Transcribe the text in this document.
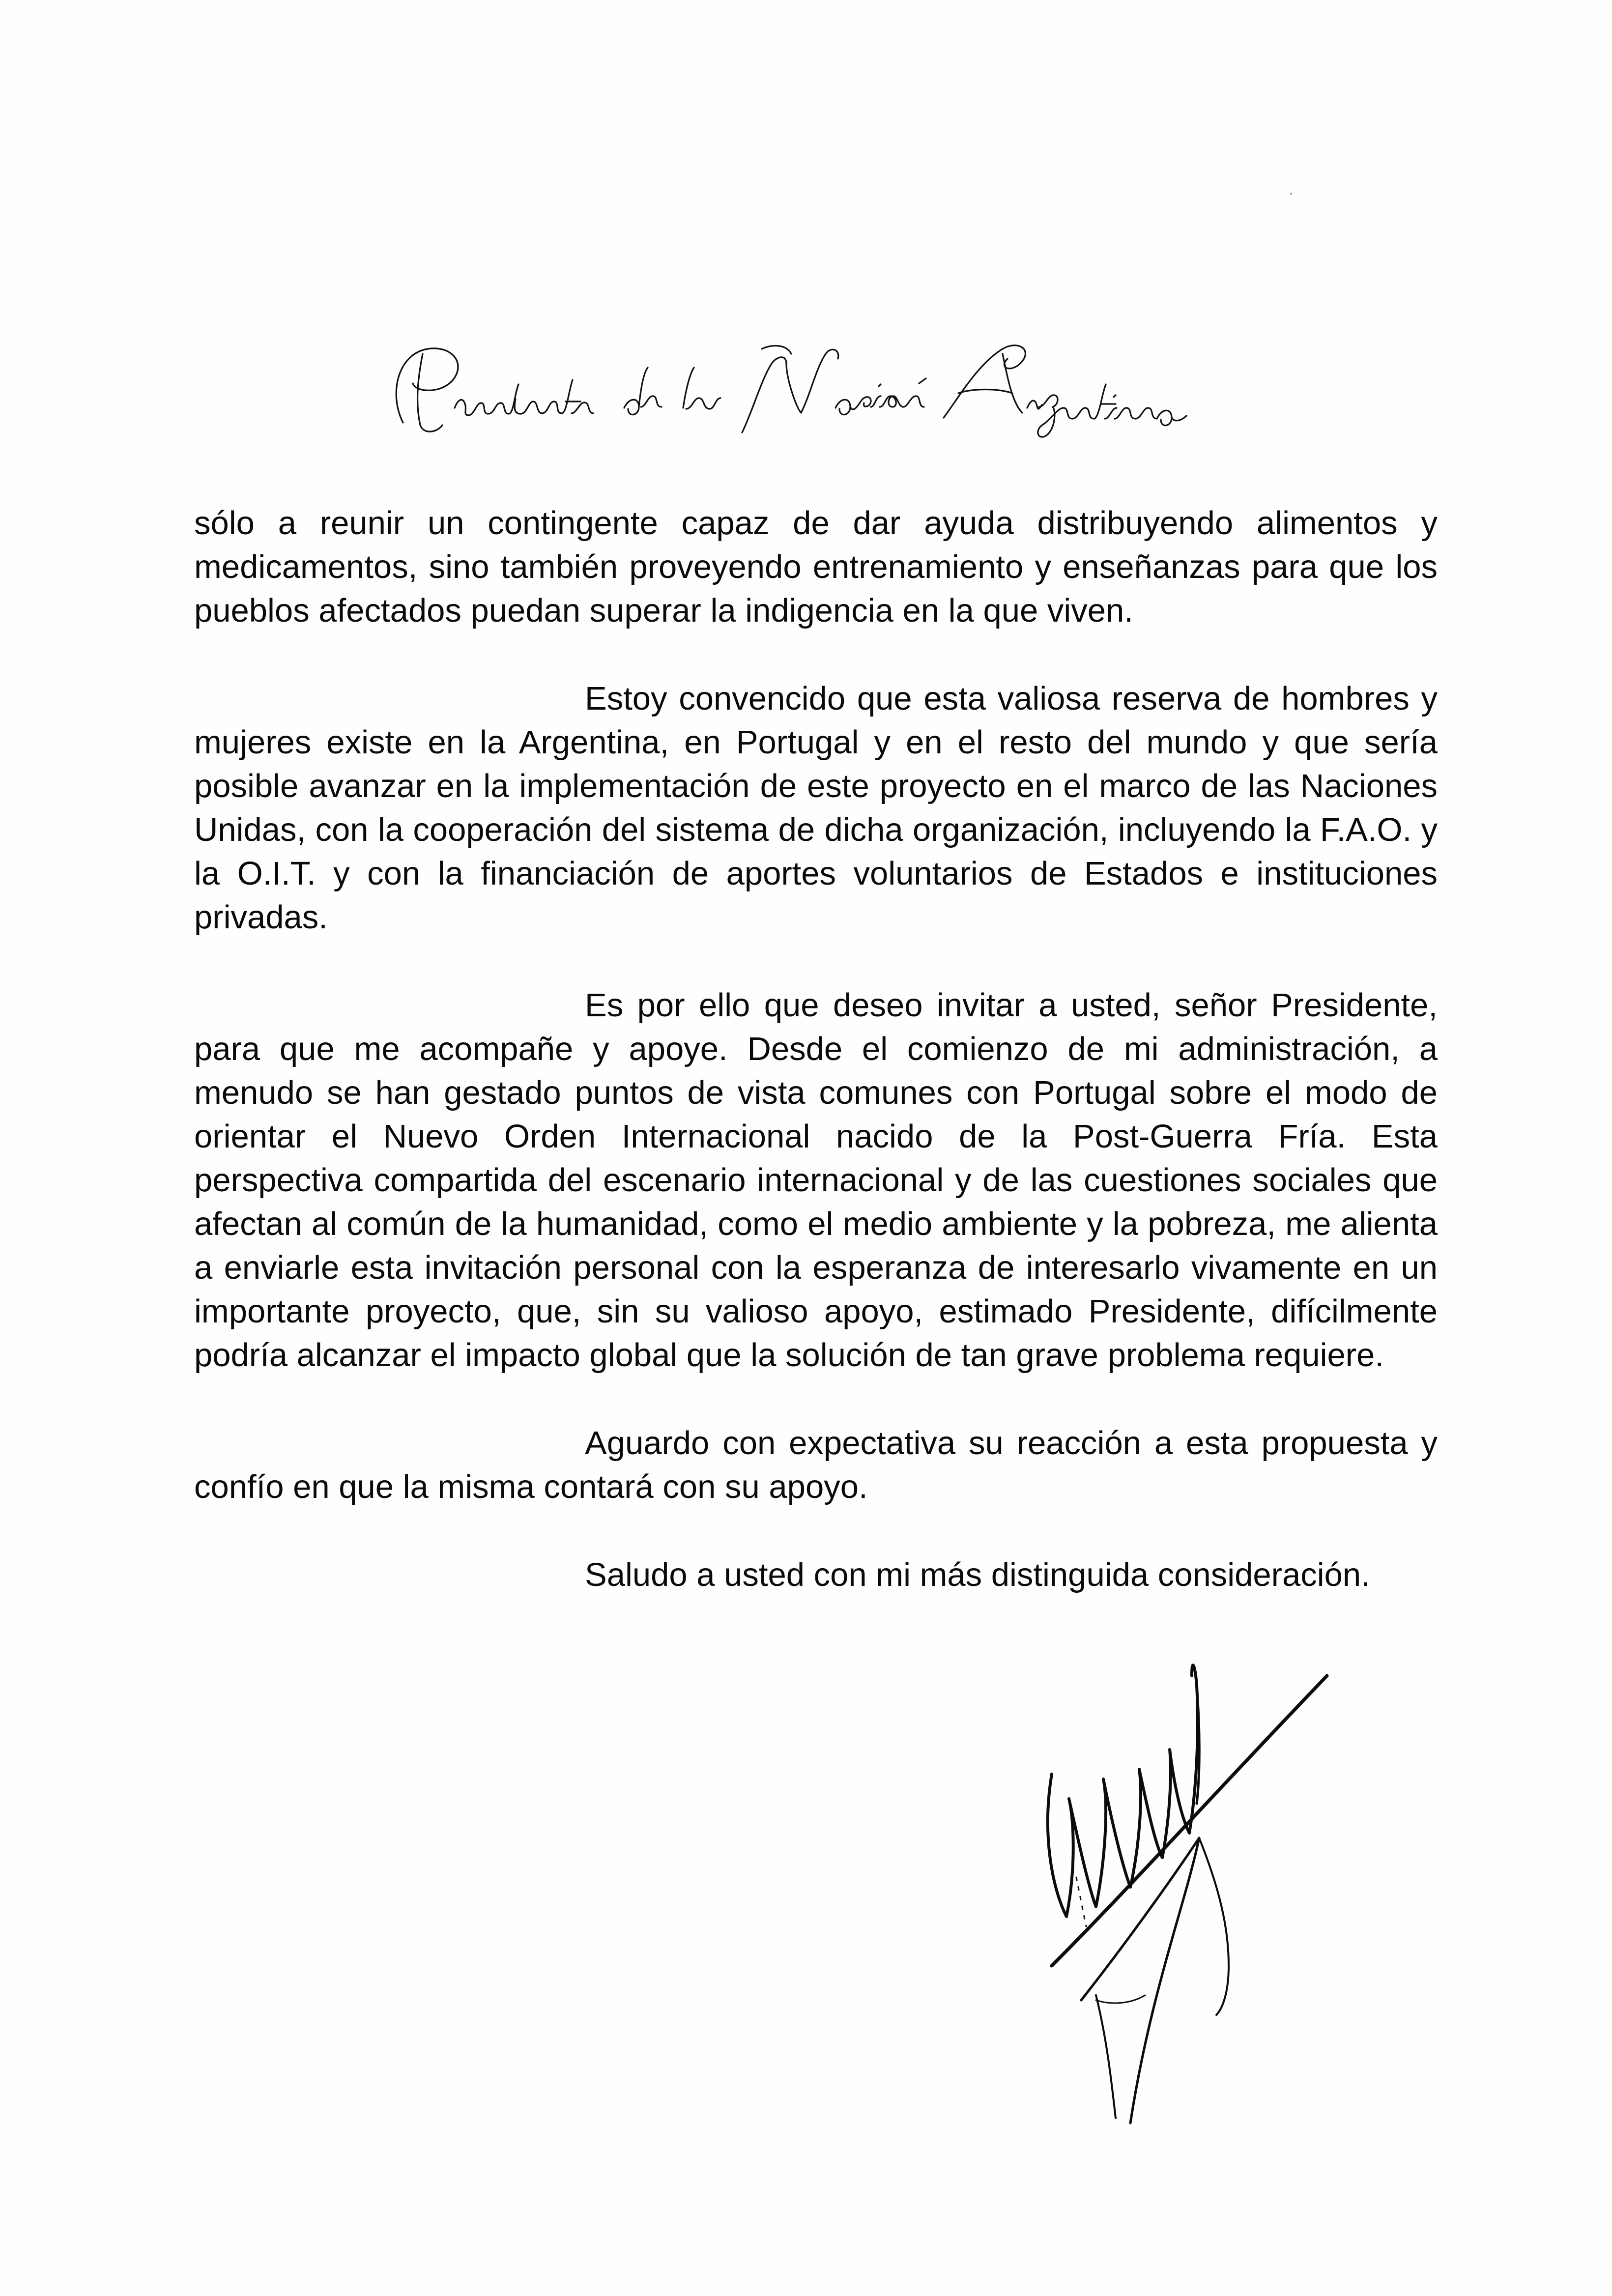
sólo a reunir un contingente capaz de dar ayuda distribuyendo alimentos y medicamentos, sino también proveyendo entrenamiento y enseñanzas para que los pueblos afectados puedan superar la indigencia en la que viven.

Estoy convencido que esta valiosa reserva de hombres y mujeres existe en la Argentina, en Portugal y en el resto del mundo y que sería posible avanzar en la implementación de este proyecto en el marco de las Naciones Unidas, con la cooperación del sistema de dicha organización, incluyendo la F.A.O. y la O.I.T. y con la financiación de aportes voluntarios de Estados e instituciones privadas.

Es por ello que deseo invitar a usted, señor Presidente, para que me acompañe y apoye. Desde el comienzo de mi administración, a menudo se han gestado puntos de vista comunes con Portugal sobre el modo de orientar el Nuevo Orden Internacional nacido de la Post-Guerra Fría. Esta perspectiva compartida del escenario internacional y de las cuestiones sociales que afectan al común de la humanidad, como el medio ambiente y la pobreza, me alienta a enviarle esta invitación personal con la esperanza de interesarlo vivamente en un importante proyecto, que, sin su valioso apoyo, estimado Presidente, difícilmente podría alcanzar el impacto global que la solución de tan grave problema requiere.

Aguardo con expectativa su reacción a esta propuesta y confío en que la misma contará con su apoyo.

Saludo a usted con mi más distinguida consideración.
